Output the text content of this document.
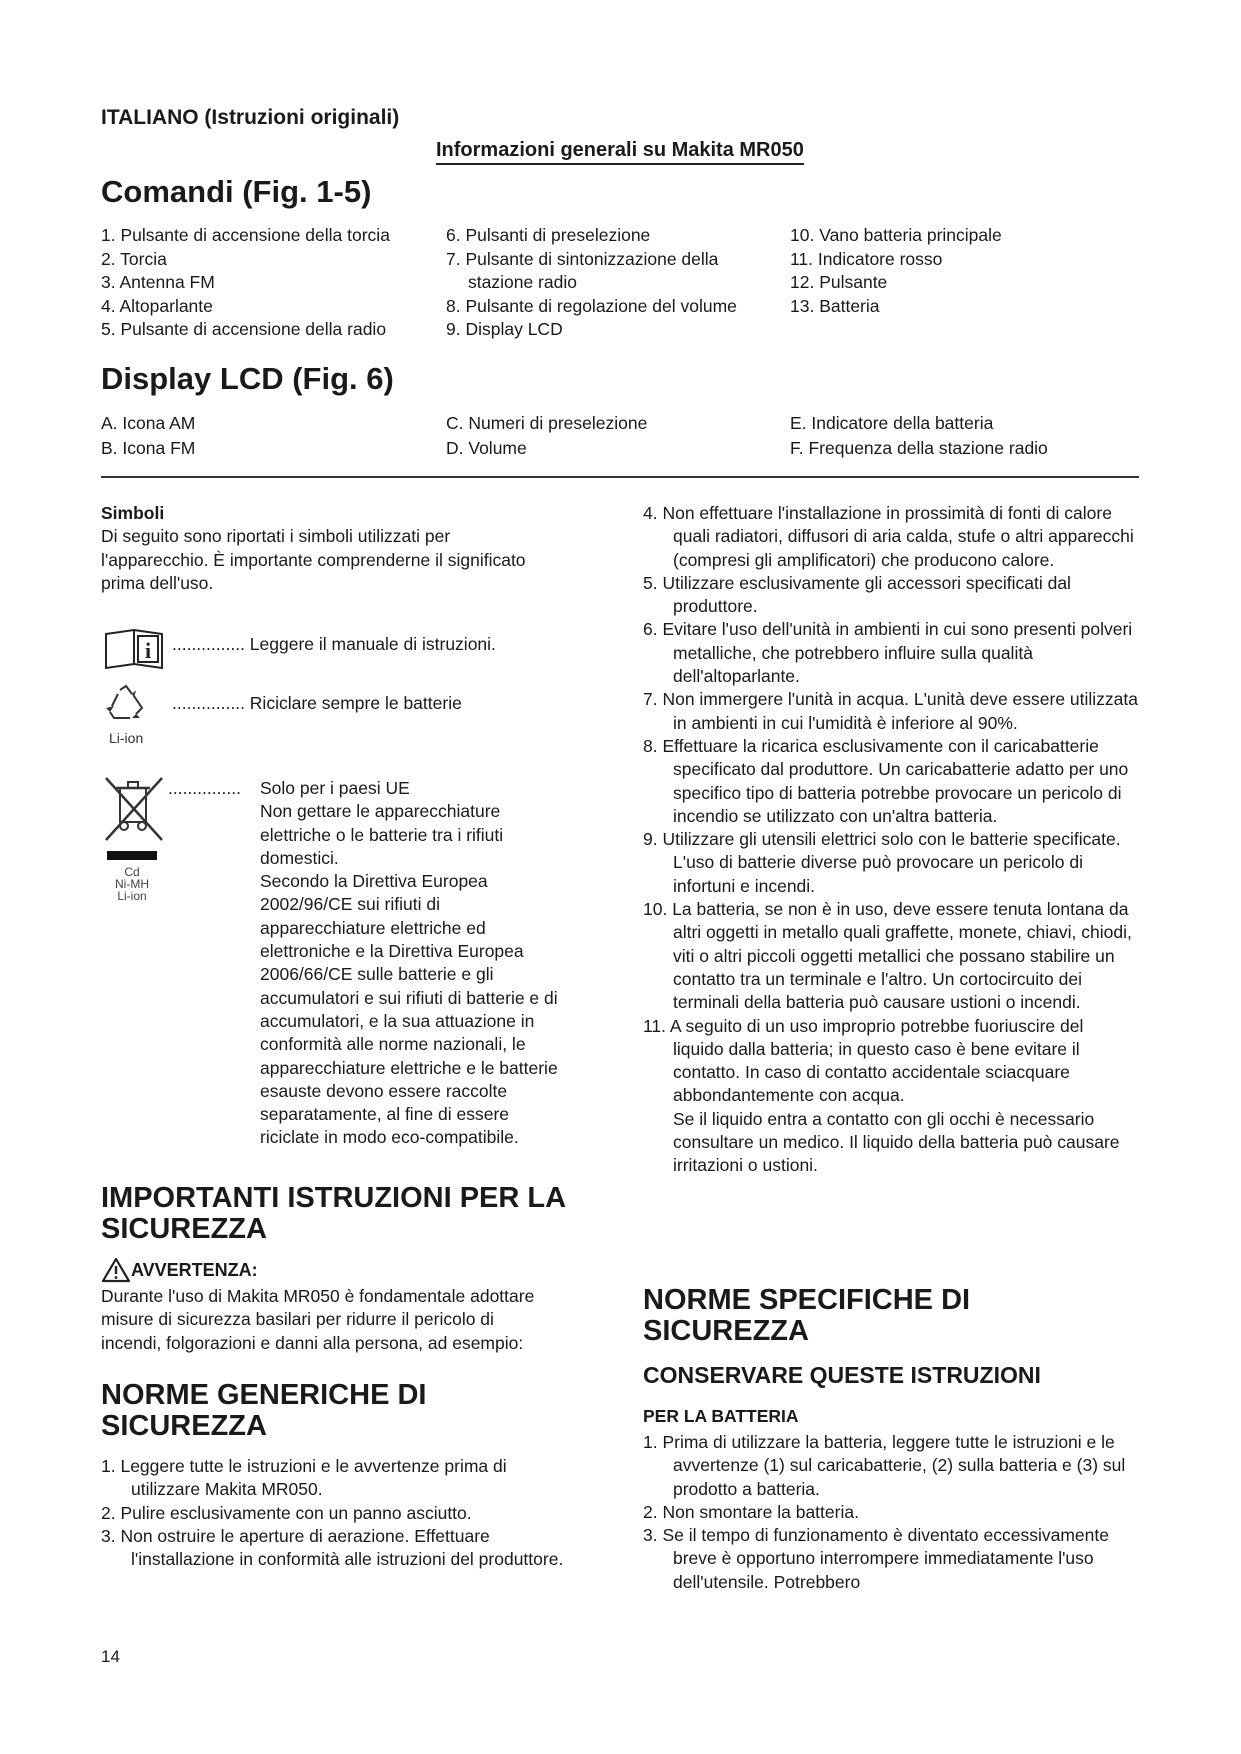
ITALIANO (Istruzioni originali)
Informazioni generali su Makita MR050
Comandi (Fig. 1-5)
1. Pulsante di accensione della torcia
2. Torcia
3. Antenna FM
4. Altoparlante
5. Pulsante di accensione della radio
6. Pulsanti di preselezione
7. Pulsante di sintonizzazione della
stazione radio
8. Pulsante di regolazione del volume
9. Display LCD
10. Vano batteria principale
11. Indicatore rosso
12. Pulsante
13. Batteria
Display LCD (Fig. 6)
A. Icona AM
B. Icona FM
C. Numeri di preselezione
D. Volume
E. Indicatore della batteria
F. Frequenza della stazione radio
Simboli
Di seguito sono riportati i simboli utilizzati per
l'apparecchio. È importante comprenderne il significato
prima dell'uso.
i ............... Leggere il manuale di istruzioni.
Li-ion
............... Riciclare sempre le batterie
Cd
Ni-MH
Li-ion
............... Solo per i paesi UE
Non gettare le apparecchiature
elettriche o le batterie tra i rifiuti
domestici.
Secondo la Direttiva Europea
2002/96/CE sui rifiuti di
apparecchiature elettriche ed
elettroniche e la Direttiva Europea
2006/66/CE sulle batterie e gli
accumulatori e sui rifiuti di batterie e di
accumulatori, e la sua attuazione in
conformità alle norme nazionali, le
apparecchiature elettriche e le batterie
esauste devono essere raccolte
separatamente, al fine di essere
riciclate in modo eco-compatibile.
IMPORTANTI ISTRUZIONI PER LA
SICUREZZA
AVVERTENZA:
Durante l'uso di Makita MR050 è fondamentale adottare
misure di sicurezza basilari per ridurre il pericolo di
incendi, folgorazioni e danni alla persona, ad esempio:
NORME GENERICHE DI
SICUREZZA
1. Leggere tutte le istruzioni e le avvertenze prima di utilizzare Makita MR050.
2. Pulire esclusivamente con un panno asciutto.
3. Non ostruire le aperture di aerazione. Effettuare l'installazione in conformità alle istruzioni del produttore.
4. Non effettuare l'installazione in prossimità di fonti di calore quali radiatori, diffusori di aria calda, stufe o altri apparecchi (compresi gli amplificatori) che producono calore.
5. Utilizzare esclusivamente gli accessori specificati dal produttore.
6. Evitare l'uso dell'unità in ambienti in cui sono presenti polveri metalliche, che potrebbero influire sulla qualità dell'altoparlante.
7. Non immergere l'unità in acqua. L'unità deve essere utilizzata in ambienti in cui l'umidità è inferiore al 90%.
8. Effettuare la ricarica esclusivamente con il caricabatterie specificato dal produttore. Un caricabatterie adatto per uno specifico tipo di batteria potrebbe provocare un pericolo di incendio se utilizzato con un'altra batteria.
9. Utilizzare gli utensili elettrici solo con le batterie specificate. L'uso di batterie diverse può provocare un pericolo di infortuni e incendi.
10. La batteria, se non è in uso, deve essere tenuta lontana da altri oggetti in metallo quali graffette, monete, chiavi, chiodi, viti o altri piccoli oggetti metallici che possano stabilire un contatto tra un terminale e l'altro. Un cortocircuito dei terminali della batteria può causare ustioni o incendi.
11. A seguito di un uso improprio potrebbe fuoriuscire del liquido dalla batteria; in questo caso è bene evitare il contatto. In caso di contatto accidentale sciacquare abbondantemente con acqua.
Se il liquido entra a contatto con gli occhi è necessario consultare un medico. Il liquido della batteria può causare irritazioni o ustioni.
NORME SPECIFICHE DI
SICUREZZA
CONSERVARE QUESTE ISTRUZIONI
PER LA BATTERIA
1. Prima di utilizzare la batteria, leggere tutte le istruzioni e le avvertenze (1) sul caricabatterie, (2) sulla batteria e (3) sul prodotto a batteria.
2. Non smontare la batteria.
3. Se il tempo di funzionamento è diventato eccessivamente breve è opportuno interrompere immediatamente l'uso dell'utensile. Potrebbero
14
